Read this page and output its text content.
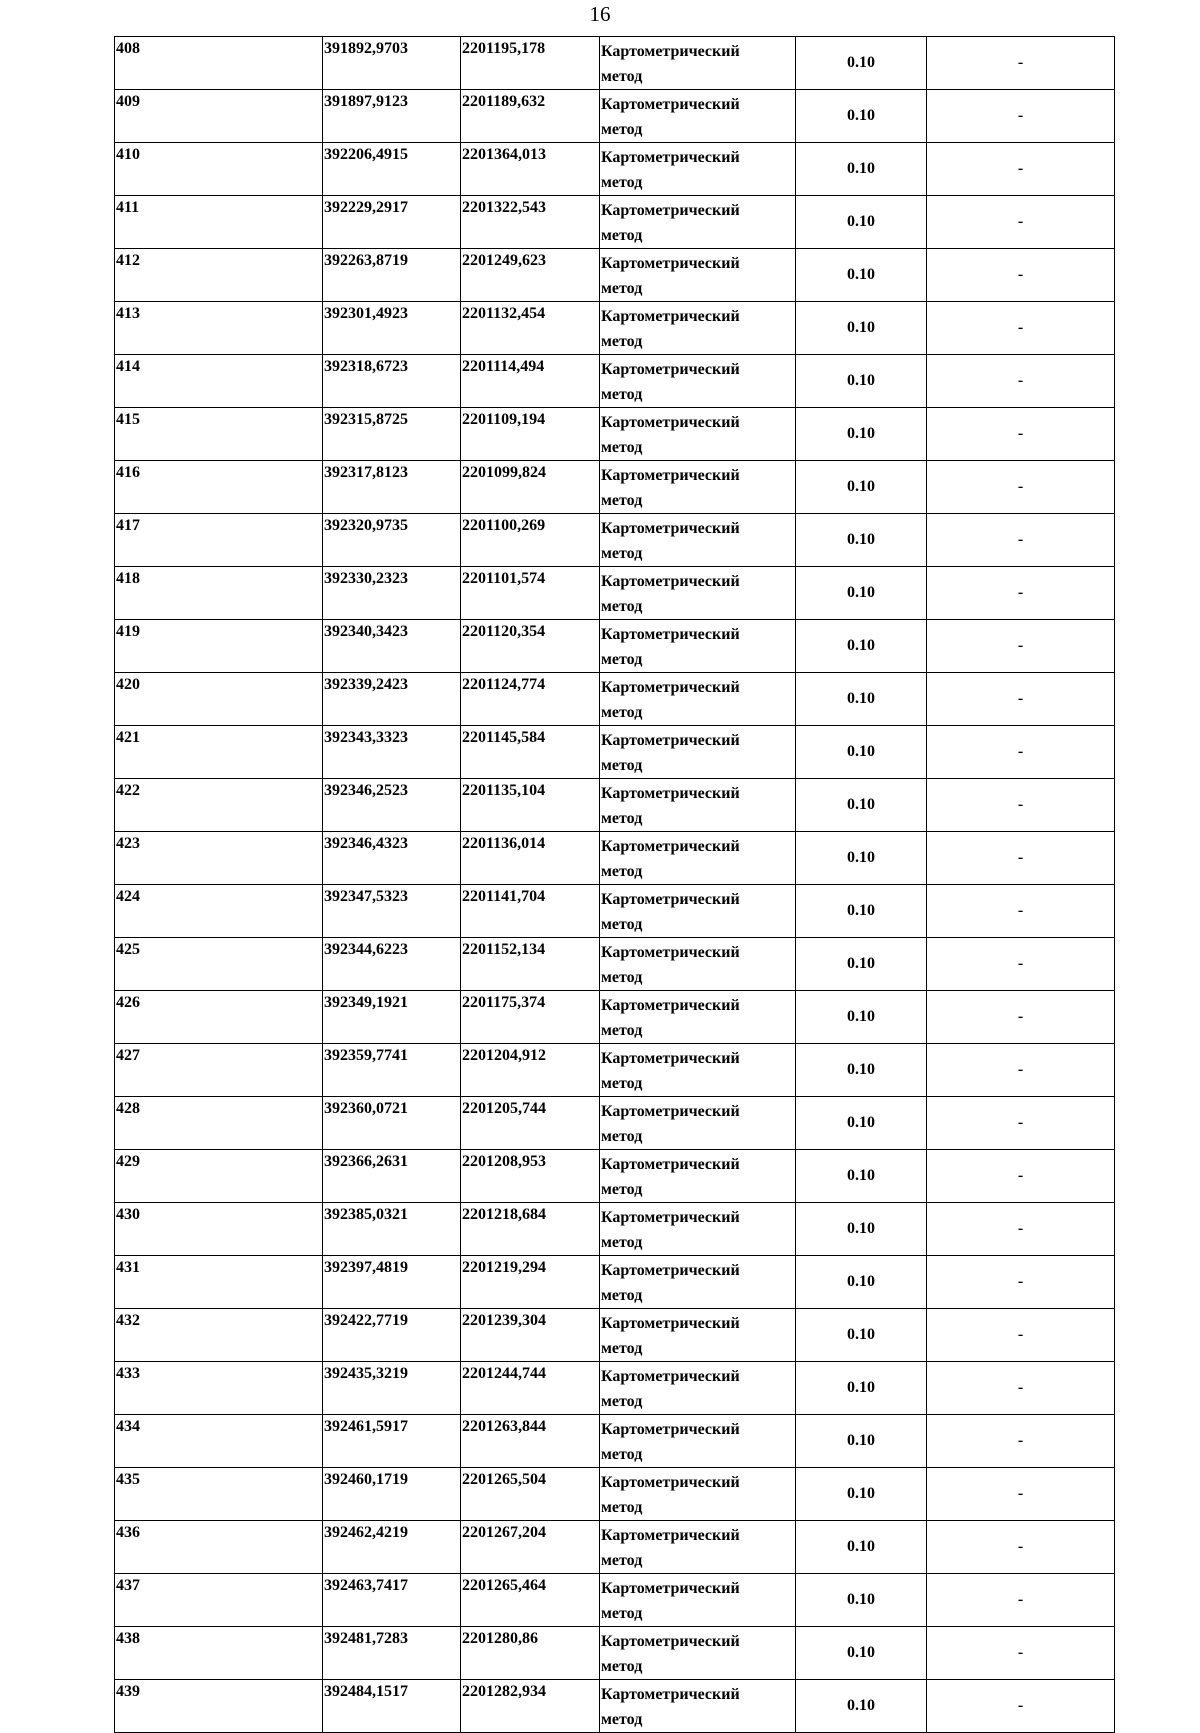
16
408	391892,9703	2201195,178	Картометрический
метод	0.10	-
409	391897,9123	2201189,632	Картометрический
метод	0.10	-
410	392206,4915	2201364,013	Картометрический
метод	0.10	-
411	392229,2917	2201322,543	Картометрический
метод	0.10	-
412	392263,8719	2201249,623	Картометрический
метод	0.10	-
413	392301,4923	2201132,454	Картометрический
метод	0.10	-
414	392318,6723	2201114,494	Картометрический
метод	0.10	-
415	392315,8725	2201109,194	Картометрический
метод	0.10	-
416	392317,8123	2201099,824	Картометрический
метод	0.10	-
417	392320,9735	2201100,269	Картометрический
метод	0.10	-
418	392330,2323	2201101,574	Картометрический
метод	0.10	-
419	392340,3423	2201120,354	Картометрический
метод	0.10	-
420	392339,2423	2201124,774	Картометрический
метод	0.10	-
421	392343,3323	2201145,584	Картометрический
метод	0.10	-
422	392346,2523	2201135,104	Картометрический
метод	0.10	-
423	392346,4323	2201136,014	Картометрический
метод	0.10	-
424	392347,5323	2201141,704	Картометрический
метод	0.10	-
425	392344,6223	2201152,134	Картометрический
метод	0.10	-
426	392349,1921	2201175,374	Картометрический
метод	0.10	-
427	392359,7741	2201204,912	Картометрический
метод	0.10	-
428	392360,0721	2201205,744	Картометрический
метод	0.10	-
429	392366,2631	2201208,953	Картометрический
метод	0.10	-
430	392385,0321	2201218,684	Картометрический
метод	0.10	-
431	392397,4819	2201219,294	Картометрический
метод	0.10	-
432	392422,7719	2201239,304	Картометрический
метод	0.10	-
433	392435,3219	2201244,744	Картометрический
метод	0.10	-
434	392461,5917	2201263,844	Картометрический
метод	0.10	-
435	392460,1719	2201265,504	Картометрический
метод	0.10	-
436	392462,4219	2201267,204	Картометрический
метод	0.10	-
437	392463,7417	2201265,464	Картометрический
метод	0.10	-
438	392481,7283	2201280,86	Картометрический
метод	0.10	-
439	392484,1517	2201282,934	Картометрический
метод	0.10	-
